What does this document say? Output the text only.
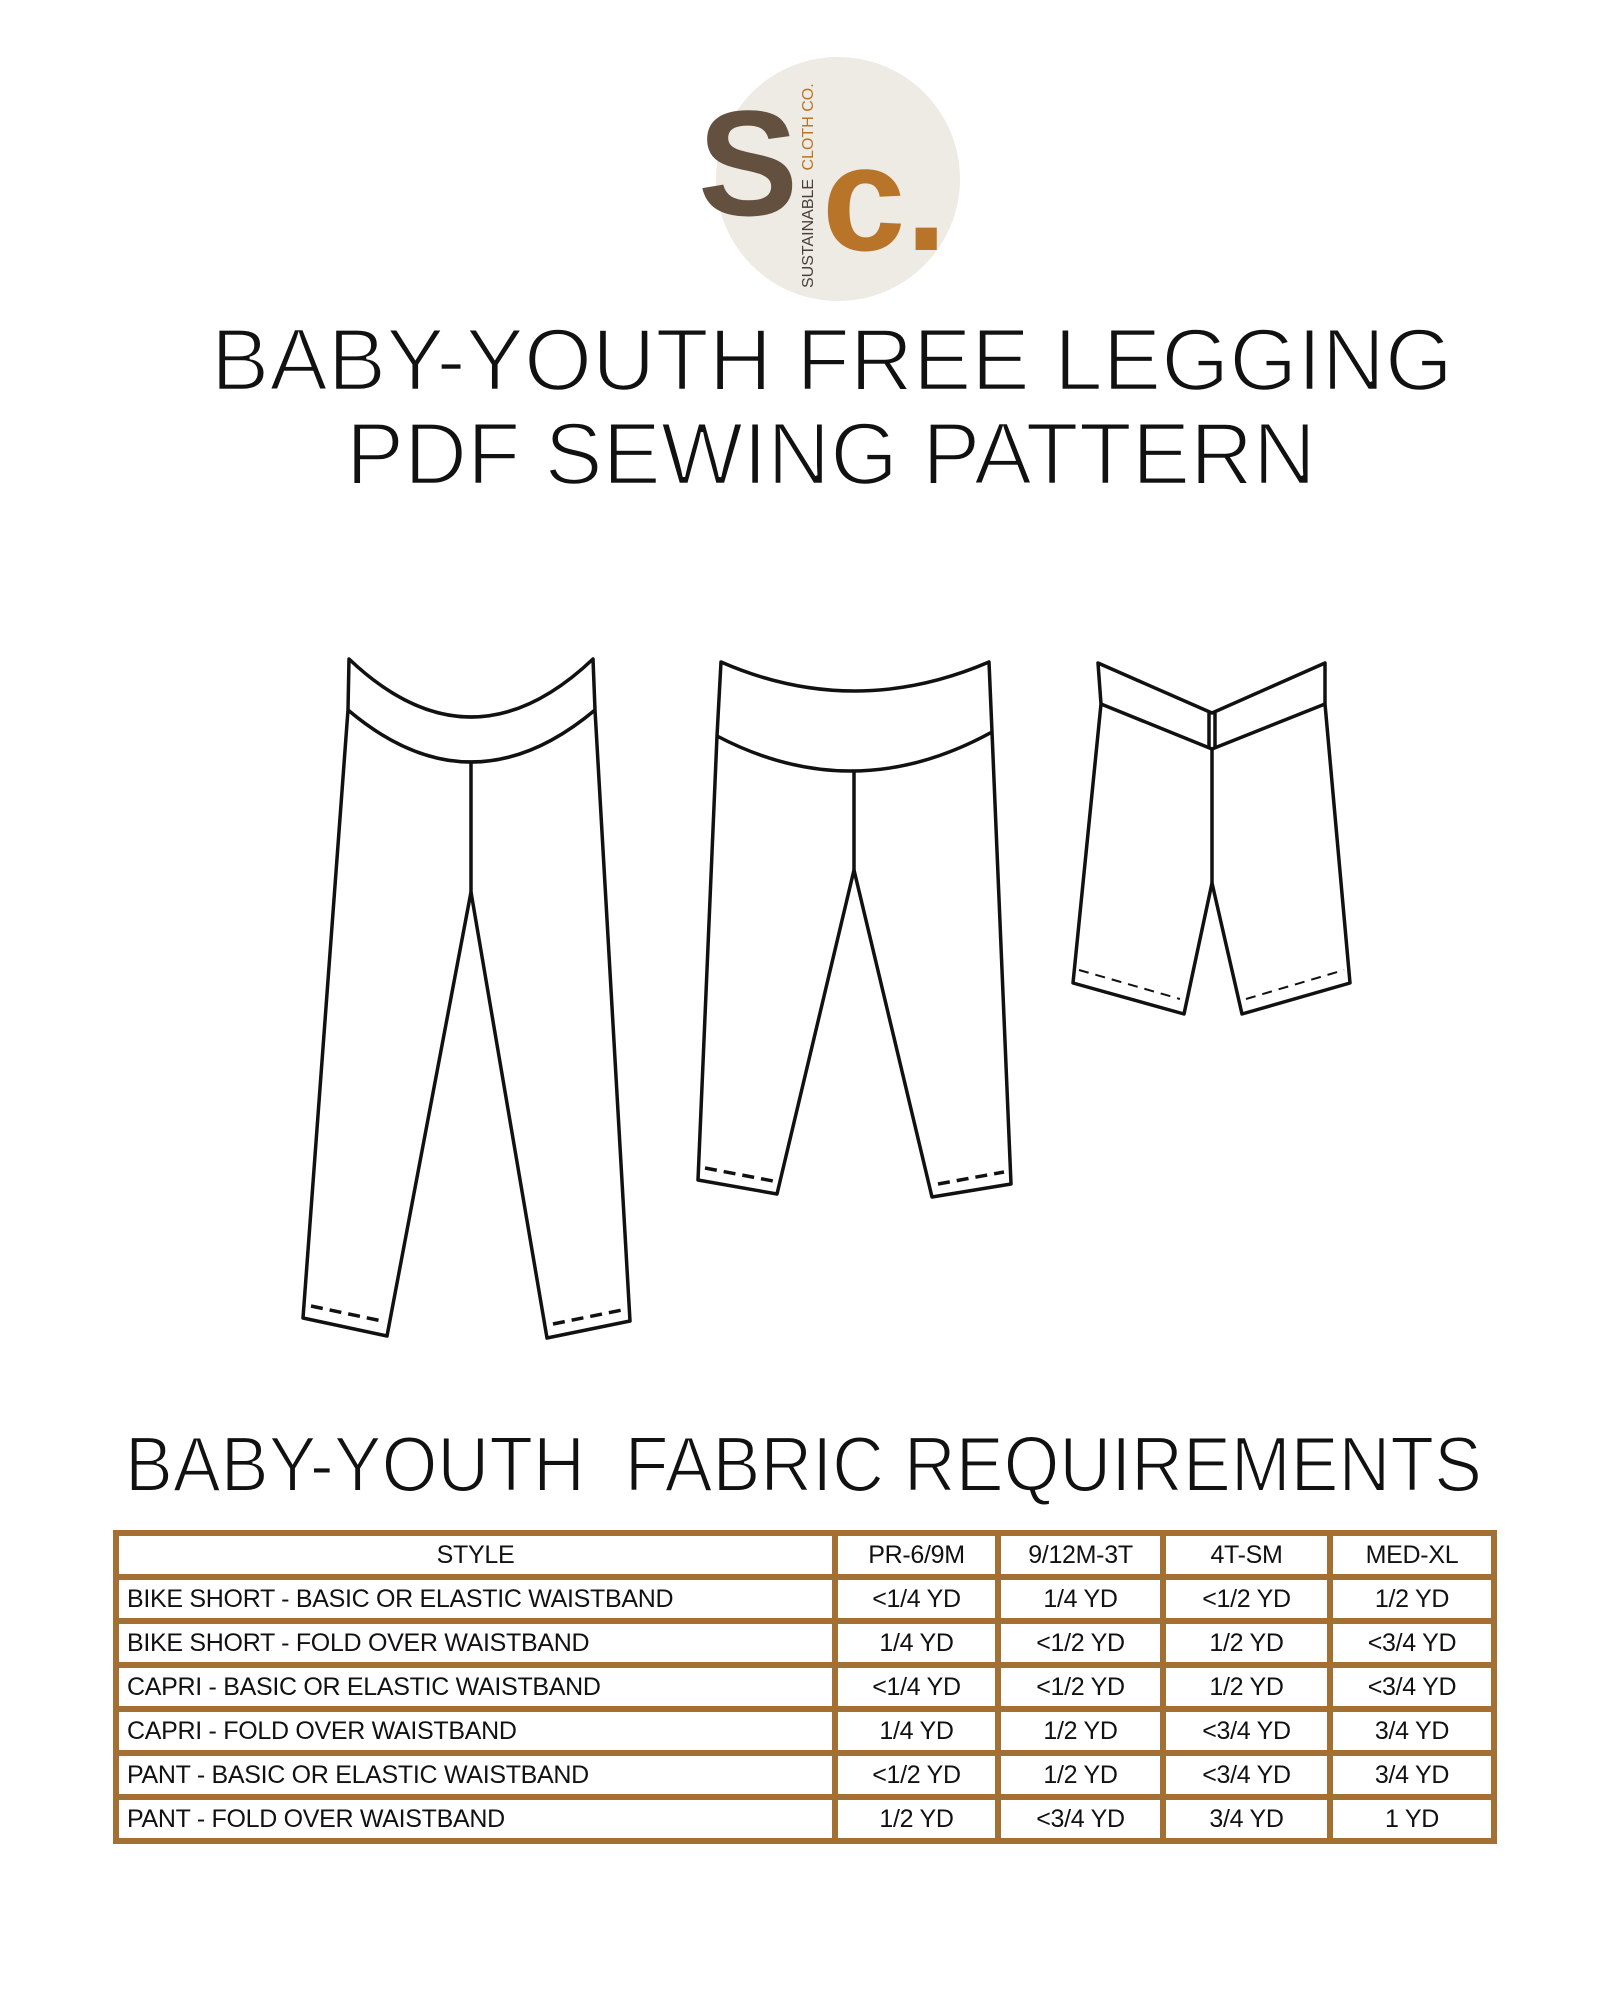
S SUSTAINABLE CLOTH CO. c.
BABY-YOUTH FREE LEGGING
PDF SEWING PATTERN
BABY-YOUTH  FABRIC REQUIREMENTS
STYLE	PR-6/9M	9/12M-3T	4T-SM	MED-XL
BIKE SHORT - BASIC OR ELASTIC WAISTBAND	<1/4 YD	1/4 YD	<1/2 YD	1/2 YD
BIKE SHORT - FOLD OVER WAISTBAND	1/4 YD	<1/2 YD	1/2 YD	<3/4 YD
CAPRI - BASIC OR ELASTIC WAISTBAND	<1/4 YD	<1/2 YD	1/2 YD	<3/4 YD
CAPRI - FOLD OVER WAISTBAND	1/4 YD	1/2 YD	<3/4 YD	3/4 YD
PANT - BASIC OR ELASTIC WAISTBAND	<1/2 YD	1/2 YD	<3/4 YD	3/4 YD
PANT - FOLD OVER WAISTBAND	1/2 YD	<3/4 YD	3/4 YD	1 YD
